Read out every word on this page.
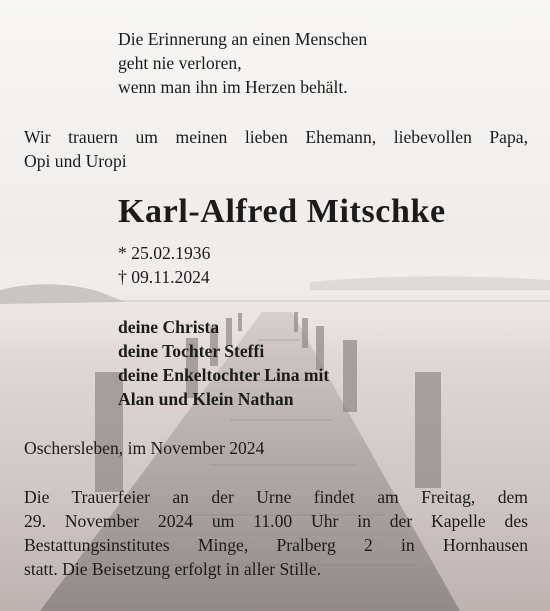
Die Erinnerung an einen Menschen
geht nie verloren,
wenn man ihn im Herzen behält.
Wir trauern um meinen lieben Ehemann, liebevollen Papa,
Opi und Uropi
Karl-Alfred Mitschke
* 25.02.1936
† 09.11.2024
deine Christa
deine Tochter Steffi
deine Enkeltochter Lina mit
Alan und Klein Nathan
Oschersleben, im November 2024
Die Trauerfeier an der Urne findet am Freitag, dem
29. November 2024 um 11.00 Uhr in der Kapelle des
Bestattungsinstitutes Minge, Pralberg 2 in Hornhausen
statt. Die Beisetzung erfolgt in aller Stille.
